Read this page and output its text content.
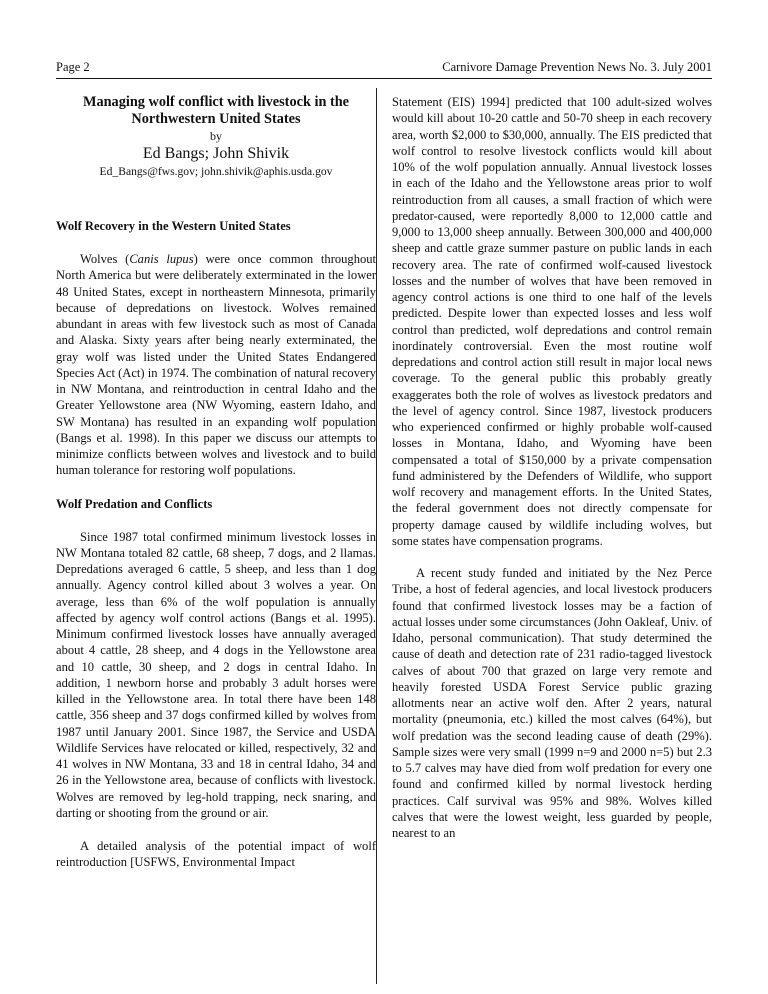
Page 2	Carnivore Damage Prevention News No. 3. July 2001
Managing wolf conflict with livestock in the Northwestern United States
by
Ed Bangs; John Shivik
Ed_Bangs@fws.gov; john.shivik@aphis.usda.gov
Wolf Recovery in the Western United States

Wolves (Canis lupus) were once common throughout North America but were deliberately exterminated in the lower 48 United States, except in northeastern Minnesota, primarily because of depredations on livestock. Wolves remained abundant in areas with few livestock such as most of Canada and Alaska. Sixty years after being nearly exterminated, the gray wolf was listed under the United States Endangered Species Act (Act) in 1974. The combination of natural recovery in NW Montana, and reintroduction in central Idaho and the Greater Yellowstone area (NW Wyoming, eastern Idaho, and SW Montana) has resulted in an expanding wolf population (Bangs et al. 1998). In this paper we discuss our attempts to minimize conflicts between wolves and livestock and to build human tolerance for restoring wolf populations.

Wolf Predation and Conflicts

Since 1987 total confirmed minimum livestock losses in NW Montana totaled 82 cattle, 68 sheep, 7 dogs, and 2 llamas. Depredations averaged 6 cattle, 5 sheep, and less than 1 dog annually. Agency control killed about 3 wolves a year. On average, less than 6% of the wolf population is annually affected by agency wolf control actions (Bangs et al. 1995). Minimum confirmed livestock losses have annually averaged about 4 cattle, 28 sheep, and 4 dogs in the Yellowstone area and 10 cattle, 30 sheep, and 2 dogs in central Idaho. In addition, 1 newborn horse and probably 3 adult horses were killed in the Yellowstone area. In total there have been 148 cattle, 356 sheep and 37 dogs confirmed killed by wolves from 1987 until January 2001. Since 1987, the Service and USDA Wildlife Services have relocated or killed, respectively, 32 and 41 wolves in NW Montana, 33 and 18 in central Idaho, 34 and 26 in the Yellowstone area, because of conflicts with livestock. Wolves are removed by leg-hold trapping, neck snaring, and darting or shooting from the ground or air.

A detailed analysis of the potential impact of wolf reintroduction [USFWS, Environmental Impact

Statement (EIS) 1994] predicted that 100 adult-sized wolves would kill about 10-20 cattle and 50-70 sheep in each recovery area, worth $2,000 to $30,000, annually. The EIS predicted that wolf control to resolve livestock conflicts would kill about 10% of the wolf population annually. Annual livestock losses in each of the Idaho and the Yellowstone areas prior to wolf reintroduction from all causes, a small fraction of which were predator-caused, were reportedly 8,000 to 12,000 cattle and 9,000 to 13,000 sheep annually. Between 300,000 and 400,000 sheep and cattle graze summer pasture on public lands in each recovery area. The rate of confirmed wolf-caused livestock losses and the number of wolves that have been removed in agency control actions is one third to one half of the levels predicted. Despite lower than expected losses and less wolf control than predicted, wolf depredations and control remain inordinately controversial. Even the most routine wolf depredations and control action still result in major local news coverage. To the general public this probably greatly exaggerates both the role of wolves as livestock predators and the level of agency control. Since 1987, livestock producers who experienced confirmed or highly probable wolf-caused losses in Montana, Idaho, and Wyoming have been compensated a total of $150,000 by a private compensation fund administered by the Defenders of Wildlife, who support wolf recovery and management efforts. In the United States, the federal government does not directly compensate for property damage caused by wildlife including wolves, but some states have compensation programs.

A recent study funded and initiated by the Nez Perce Tribe, a host of federal agencies, and local livestock producers found that confirmed livestock losses may be a faction of actual losses under some circumstances (John Oakleaf, Univ. of Idaho, personal communication). That study determined the cause of death and detection rate of 231 radio-tagged livestock calves of about 700 that grazed on large very remote and heavily forested USDA Forest Service public grazing allotments near an active wolf den. After 2 years, natural mortality (pneumonia, etc.) killed the most calves (64%), but wolf predation was the second leading cause of death (29%). Sample sizes were very small (1999 n=9 and 2000 n=5) but 2.3 to 5.7 calves may have died from wolf predation for every one found and confirmed killed by normal livestock herding practices. Calf survival was 95% and 98%. Wolves killed calves that were the lowest weight, less guarded by people, nearest to an
